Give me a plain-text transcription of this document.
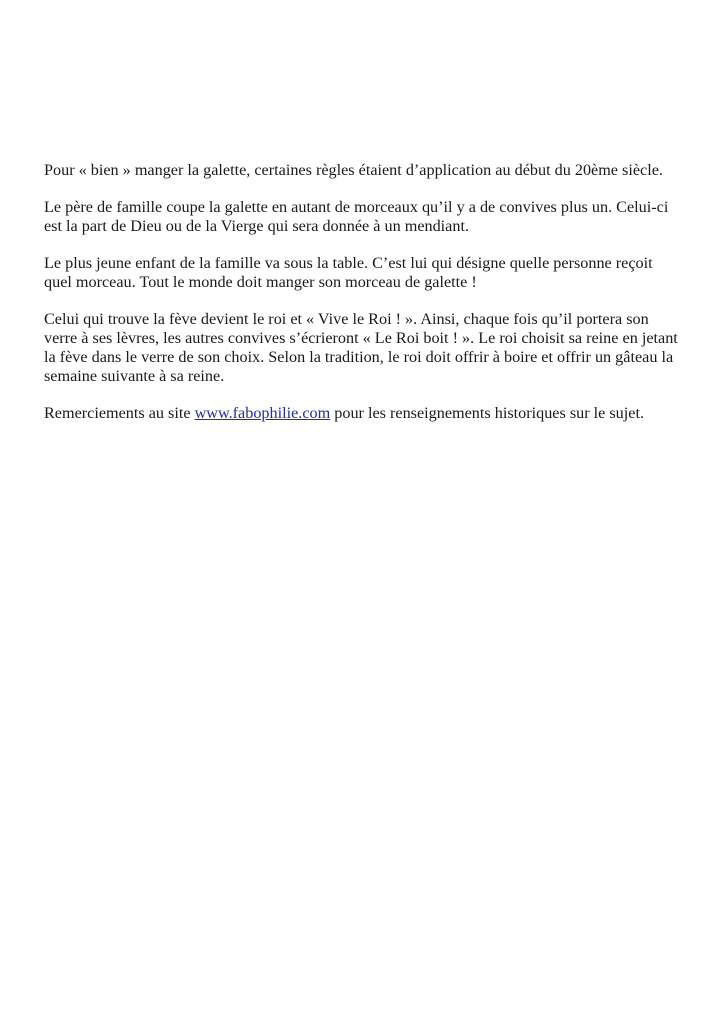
Pour « bien » manger la galette, certaines règles étaient d’application au début du 20ème siècle.

Le père de famille coupe la galette en autant de morceaux qu’il y a de convives plus un. Celui-ci est la part de Dieu ou de la Vierge qui sera donnée à un mendiant.

Le plus jeune enfant de la famille va sous la table. C’est lui qui désigne quelle personne reçoit quel morceau. Tout le monde doit manger son morceau de galette !

Celui qui trouve la fève devient le roi et « Vive le Roi ! ». Ainsi, chaque fois qu’il portera son verre à ses lèvres, les autres convives s’écrieront « Le Roi boit ! ». Le roi choisit sa reine en jetant la fève dans le verre de son choix. Selon la tradition, le roi doit offrir à boire et offrir un gâteau la semaine suivante à sa reine.

Remerciements au site www.fabophilie.com pour les renseignements historiques sur le sujet.
